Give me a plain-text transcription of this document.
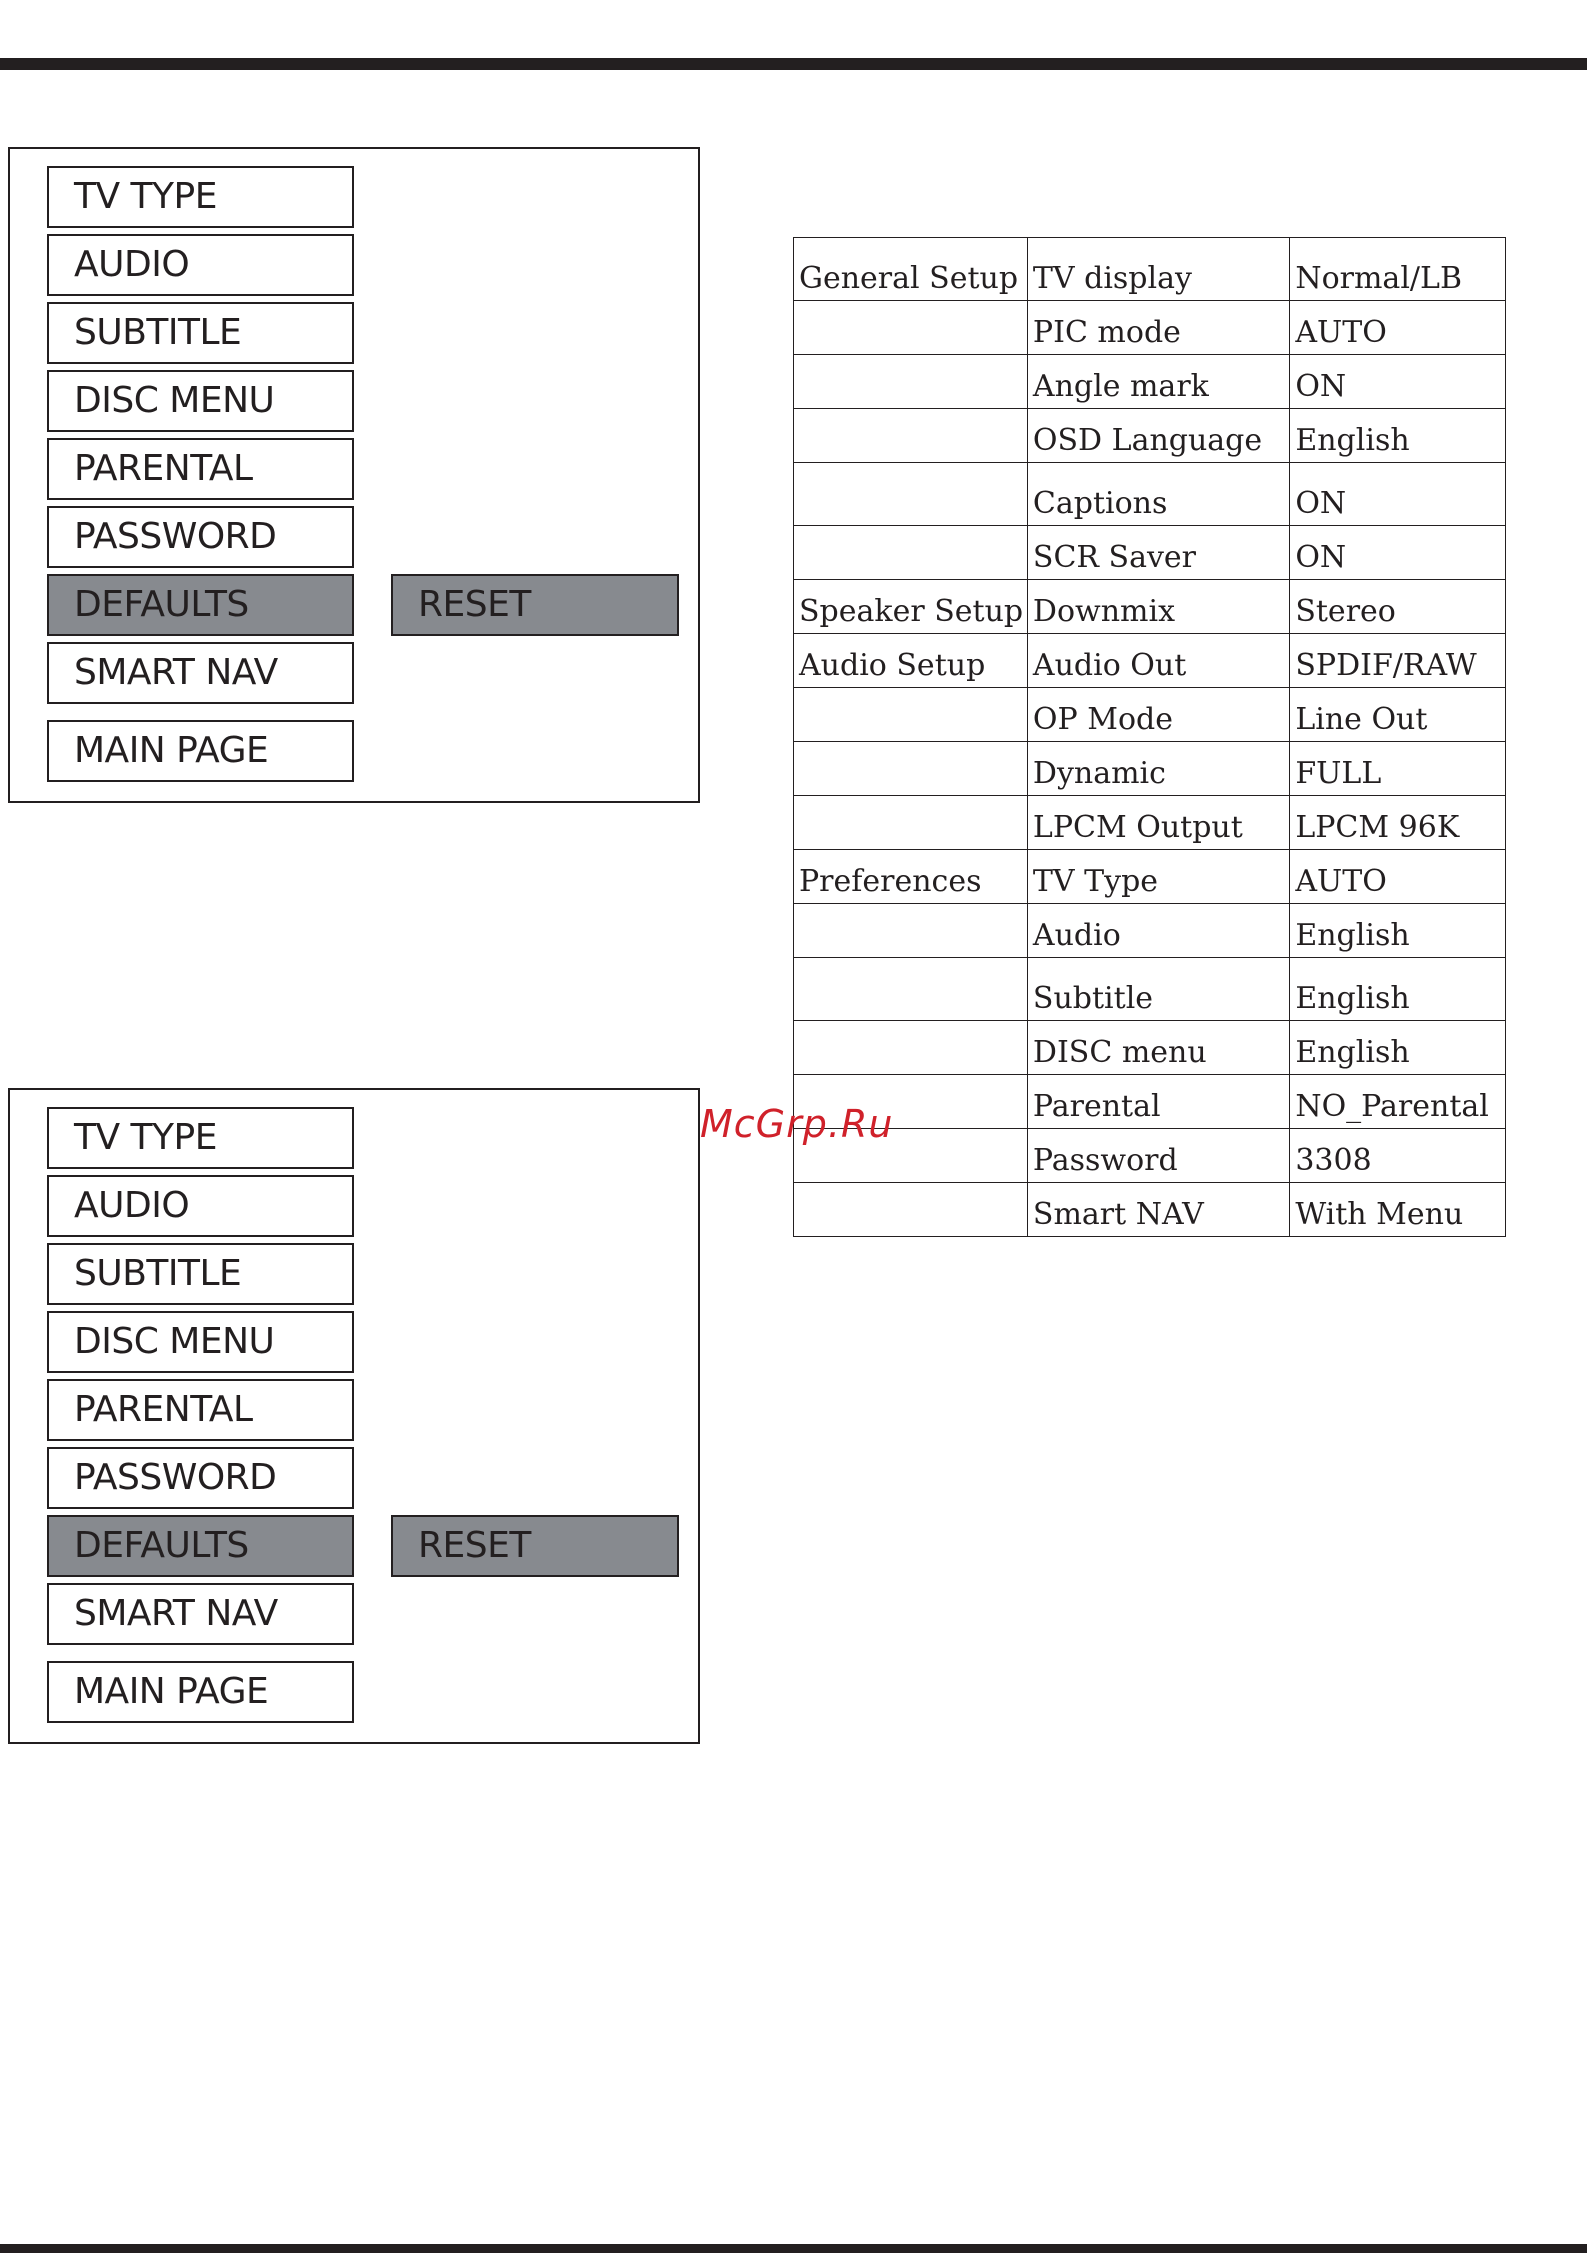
TV TYPE
AUDIO
SUBTITLE
DISC MENU
PARENTAL
PASSWORD
DEFAULTS	RESET
SMART NAV
MAIN PAGE
TV TYPE
AUDIO
SUBTITLE
DISC MENU
PARENTAL
PASSWORD
DEFAULTS	RESET
SMART NAV
MAIN PAGE
General Setup	TV display	Normal/LB
	PIC mode	AUTO
	Angle mark	ON
	OSD Language	English
	Captions	ON
	SCR Saver	ON
Speaker Setup	Downmix	Stereo
Audio Setup	Audio Out	SPDIF/RAW
	OP Mode	Line Out
	Dynamic	FULL
	LPCM Output	LPCM 96K
Preferences	TV Type	AUTO
	Audio	English
	Subtitle	English
	DISC menu	English
	Parental	NO_Parental
	Password	3308
	Smart NAV	With Menu
McGrp.Ru
